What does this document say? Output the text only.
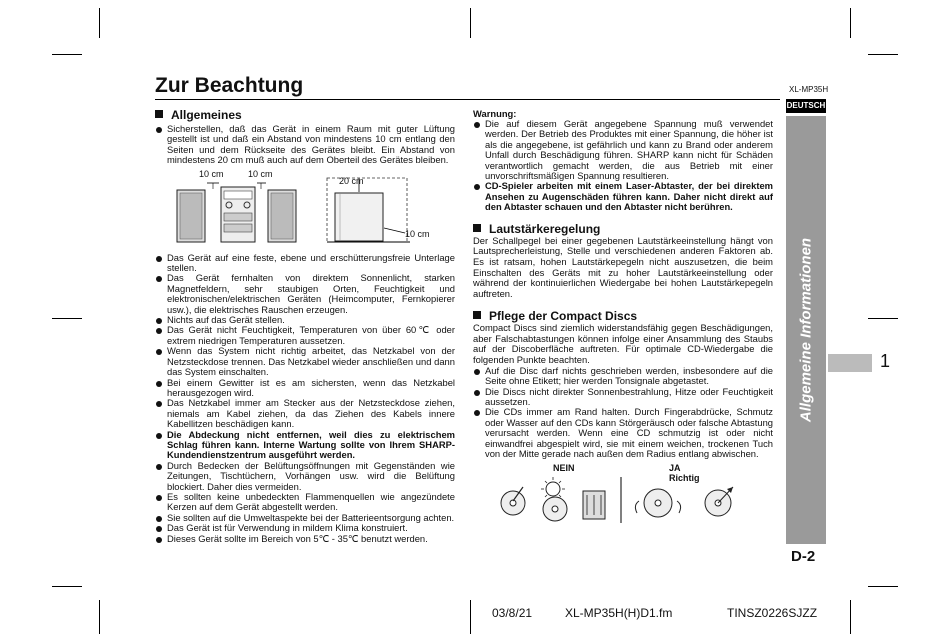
Zur Beachtung	XL-MP35H
DEUTSCH
Allgemeine Informationen	1
D-2
Allgemeines
Sicherstellen, daß das Gerät in einem Raum mit guter Lüftung gestellt ist und daß ein Abstand von mindestens 10 cm entlang den Seiten und dem Rückseite des Gerätes bleibt. Ein Abstand von mindestens 20 cm muß auch auf dem Oberteil des Gerätes bleiben.
10 cm	10 cm
20 cm
10 cm
Das Gerät auf eine feste, ebene und erschütterungsfreie Unterlage stellen.
Das Gerät fernhalten von direktem Sonnenlicht, starken Magnetfeldern, sehr staubigen Orten, Feuchtigkeit und elektronischen/elektrischen Geräten (Heimcomputer, Fernkopierer usw.), die elektrisches Rauschen erzeugen.
Nichts auf das Gerät stellen.
Das Gerät nicht Feuchtigkeit, Temperaturen von über 60℃ oder extrem niedrigen Temperaturen aussetzen.
Wenn das System nicht richtig arbeitet, das Netzkabel von der Netzsteckdose trennen. Das Netzkabel wieder anschließen und dann das System einschalten.
Bei einem Gewitter ist es am sichersten, wenn das Netzkabel herausgezogen wird.
Das Netzkabel immer am Stecker aus der Netzsteckdose ziehen, niemals am Kabel ziehen, da das Ziehen des Kabels innere Kabellitzen beschädigen kann.
Die Abdeckung nicht entfernen, weil dies zu elektrischem Schlag führen kann. Interne Wartung sollte von Ihrem SHARP-Kundendienstzentrum ausgeführt werden.
Durch Bedecken der Belüftungsöffnungen mit Gegenständen wie Zeitungen, Tischtüchern, Vorhängen usw. wird die Belüftung blockiert. Daher dies vermeiden.
Es sollten keine unbedeckten Flammenquellen wie angezündete Kerzen auf dem Gerät abgestellt werden.
Sie sollten auf die Umweltaspekte bei der Batterieentsorgung achten.
Das Gerät ist für Verwendung in mildem Klima konstruiert.
Dieses Gerät sollte im Bereich von 5℃ - 35℃ benutzt werden.
Warnung:
Die auf diesem Gerät angegebene Spannung muß verwendet werden. Der Betrieb des Produktes mit einer Spannung, die höher ist als die angegebene, ist gefährlich und kann zu Brand oder anderem Unfall durch Beschädigung führen. SHARP kann nicht für Schäden verantwortlich gemacht werden, die aus Betrieb mit einer unvorschriftsmäßigen Spannung resultieren.
CD-Spieler arbeiten mit einem Laser-Abtaster, der bei direktem Ansehen zu Augenschäden führen kann. Daher nicht direkt auf den Abtaster schauen und den Abtaster nicht berühren.
Lautstärkeregelung
Der Schallpegel bei einer gegebenen Lautstärkeeinstellung hängt von Lautsprecherleistung, Stelle und verschiedenen anderen Faktoren ab. Es ist ratsam, hohen Lautstärkepegeln nicht auszusetzen, die beim Einschalten des Geräts mit zu hoher Lautstärkeeinstellung oder während der kontinuierlichen Wiedergabe bei hohen Lautstärkepegeln auftreten.
Pflege der Compact Discs
Compact Discs sind ziemlich widerstandsfähig gegen Beschädigungen, aber Falschabtastungen können infolge einer Ansammlung des Staubs auf der Discoberfläche auftreten. Für optimale CD-Wiedergabe die folgenden Punkte beachten.
Auf die Disc darf nichts geschrieben werden, insbesondere auf die Seite ohne Etikett; hier werden Tonsignale abgetastet.
Die Discs nicht direkter Sonnenbestrahlung, Hitze oder Feuchtigkeit aussetzen.
Die CDs immer am Rand halten. Durch Fingerabdrücke, Schmutz oder Wasser auf den CDs kann Störgeräusch oder falsche Abtastung verursacht werden. Wenn eine CD schmutzig ist oder nicht einwandfrei abgespielt wird, sie mit einem weichen, trockenen Tuch von der Mitte gerade nach außen dem Radius entlang abwischen.
NEIN	JA
Richtig
03/8/21	XL-MP35H(H)D1.fm	TINSZ0226SJZZ
